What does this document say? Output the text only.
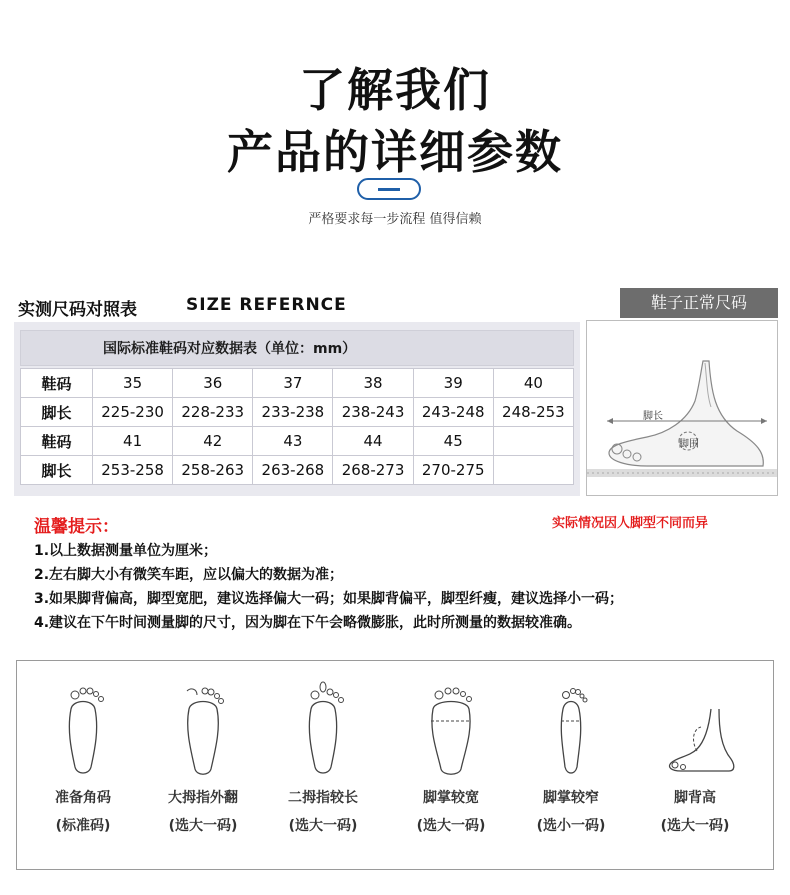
了解我们
产品的详细参数
严格要求每一步流程 值得信赖
实测尺码对照表	SIZE REFERNCE	鞋子正常尺码
国际标准鞋码对应数据表（单位：mm）
鞋码	35	36	37	38	39	40
脚长	225-230	228-233	233-238	238-243	243-248	248-253
鞋码	41	42	43	44	45	
脚长	253-258	258-263	263-268	268-273	270-275	
脚长
脚围
温馨提示：	实际情况因人脚型不同而异
1.以上数据测量单位为厘米；
2.左右脚大小有微笑车距，应以偏大的数据为准；
3.如果脚背偏高，脚型宽肥，建议选择偏大一码；如果脚背偏平，脚型纤瘦，建议选择小一码；
4.建议在下午时间测量脚的尺寸，因为脚在下午会略微膨胀，此时所测量的数据较准确。
准备角码
(标准码)
大拇指外翻
(选大一码)
二拇指较长
(选大一码)
脚掌较宽
(选大一码)
脚掌较窄
(选小一码)
脚背高
(选大一码)
